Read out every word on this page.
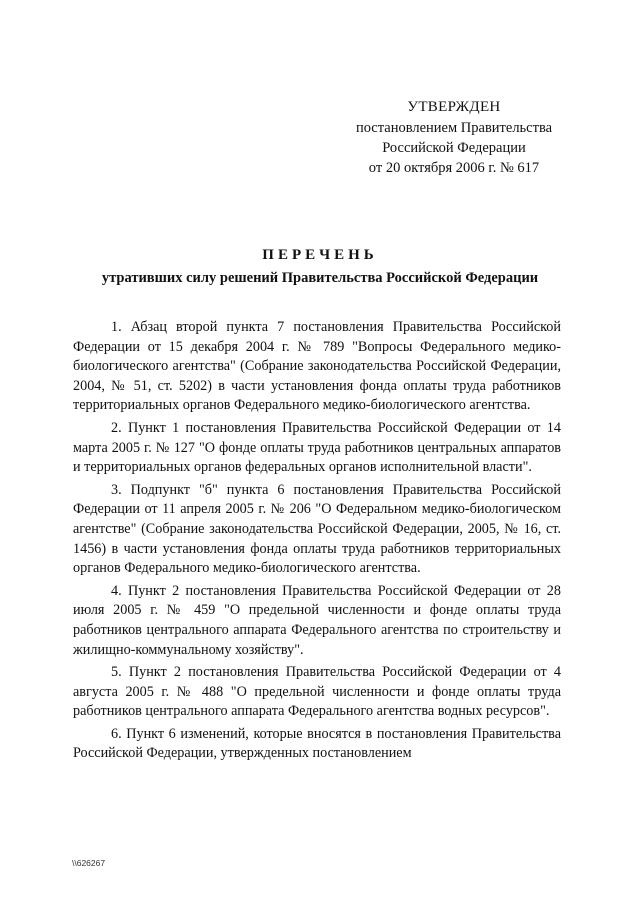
УТВЕРЖДЕН
постановлением Правительства
Российской Федерации
от 20 октября 2006 г. № 617
ПЕРЕЧЕНЬ
утративших силу решений Правительства Российской Федерации

1. Абзац второй пункта 7 постановления Правительства Российской Федерации от 15 декабря 2004 г. № 789 "Вопросы Федерального медико-биологического агентства" (Собрание законодательства Российской Федерации, 2004, № 51, ст. 5202) в части установления фонда оплаты труда работников территориальных органов Федерального медико-биологического агентства.

2. Пункт 1 постановления Правительства Российской Федерации от 14 марта 2005 г. № 127 "О фонде оплаты труда работников центральных аппаратов и территориальных органов федеральных органов исполнительной власти".

3. Подпункт "б" пункта 6 постановления Правительства Российской Федерации от 11 апреля 2005 г. № 206 "О Федеральном медико-биологическом агентстве" (Собрание законодательства Российской Федерации, 2005, № 16, ст. 1456) в части установления фонда оплаты труда работников территориальных органов Федерального медико-биологического агентства.

4. Пункт 2 постановления Правительства Российской Федерации от 28 июля 2005 г. № 459 "О предельной численности и фонде оплаты труда работников центрального аппарата Федерального агентства по строительству и жилищно-коммунальному хозяйству".

5. Пункт 2 постановления Правительства Российской Федерации от 4 августа 2005 г. № 488 "О предельной численности и фонде оплаты труда работников центрального аппарата Федерального агентства водных ресурсов".

6. Пункт 6 изменений, которые вносятся в постановления Правительства Российской Федерации, утвержденных постановлением

\\626267
